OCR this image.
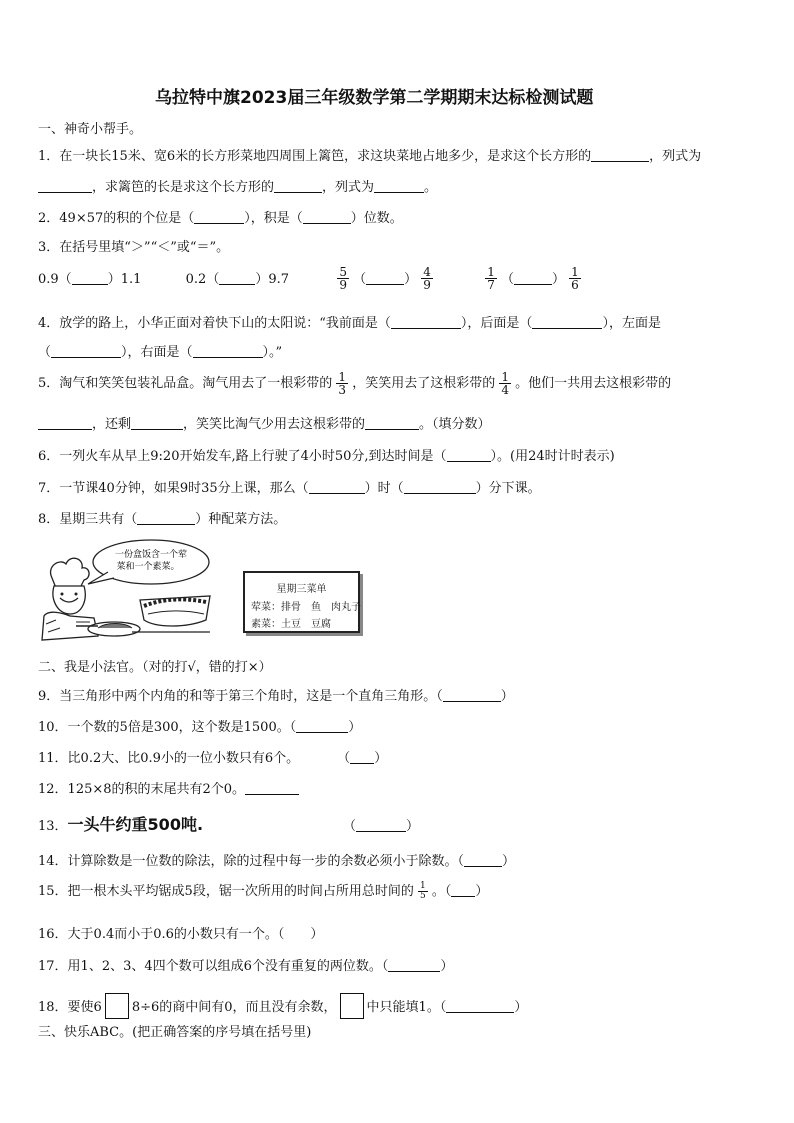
乌拉特中旗2023届三年级数学第二学期期末达标检测试题
一、神奇小帮手。
1．在一块长15米、宽6米的长方形菜地四周围上篱笆，求这块菜地占地多少，是求这个长方形的	，列式为
，求篱笆的长是求这个长方形的	，列式为	。
2．49×57的积的个位是（	），积是（	）位数。
3．在括号里填“＞”“＜”或“＝”。
0.9（	）1.1	0.2（	）9.7	$\frac{5}{9}$ （	） $\frac{4}{9}$
	$\frac{1}{7}$ （	） $\frac{1}{6}$
4．放学的路上，小华正面对着快下山的太阳说：“我前面是（	），后面是（	），左面是
（	），右面是（	）。”
5．淘气和笑笑包装礼品盒。淘气用去了一根彩带的 $\frac{1}{3}$ ，笑笑用去了这根彩带的 $\frac{1}{4}$ 。他们一共用去这根彩带的
，还剩	，笑笑比淘气少用去这根彩带的	。（填分数）
6．一列火车从早上9:20开始发车,路上行驶了4小时50分,到达时间是（	）。(用24时计时表示)
7．一节课40分钟，如果9时35分上课，那么（	）时（	）分下课。
8．星期三共有（	）种配菜方法。
一份盒饭含一个荤
菜和一个素菜。
星期三菜单
荤菜：排骨　鱼　肉丸子
素菜：土豆　豆腐
二、我是小法官。（对的打√，错的打×）
9．当三角形中两个内角的和等于第三个角时，这是一个直角三角形。（	）
10．一个数的5倍是300，这个数是1500。（	）
11．比0.2大、比0.9小的一位小数只有6个。	（ ）
12．125×8的积的末尾共有2个0。
13．一头牛约重500吨.	（	）
14．计算除数是一位数的除法，除的过程中每一步的余数必须小于除数。（	）
15．把一根木头平均锯成5段，锯一次所用的时间占所用总时间的 $\frac{1}{5}$ 。（ ）
16．大于0.4而小于0.6的小数只有一个。（ ）
17．用1、2、3、4四个数可以组成6个没有重复的两位数。（	）
18．要使6 8÷6的商中间有0，而且没有余数， 中只能填1。（	）
三、快乐ABC。(把正确答案的序号填在括号里)
